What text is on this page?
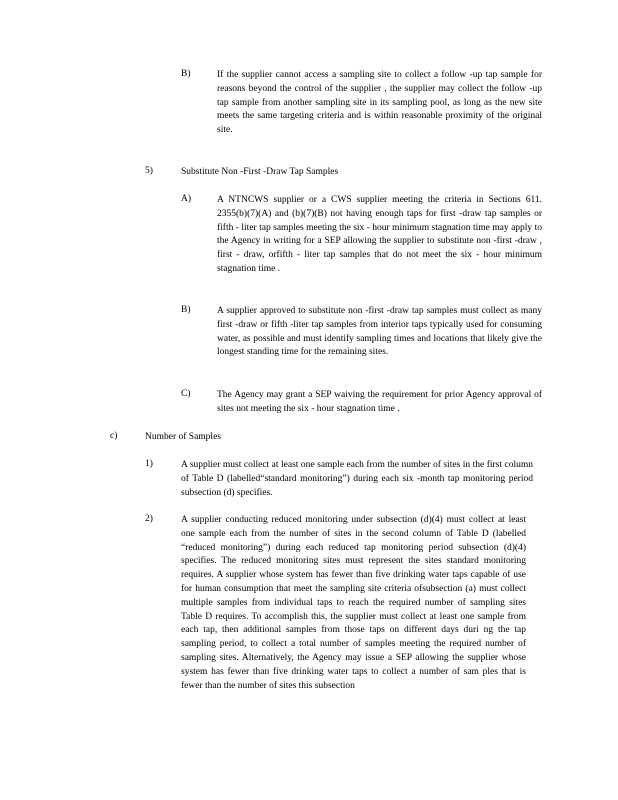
B)	If the supplier cannot access a sampling site to collect a follow -up tap sample for reasons beyond the control of the supplier , the supplier may collect the follow -up tap sample from another sampling site in its sampling pool, as long as the new site meets the same targeting criteria and is within reasonable proximity of the original site.
5)	Substitute Non -First -Draw Tap Samples
A)	A NTNCWS supplier or a CWS supplier meeting the criteria in Sections 611. 2355(b)(7)(A) and (b)(7)(B) not having enough taps for first -draw tap samples or fifth - liter tap samples meeting the six - hour minimum stagnation time may apply to the Agency in writing for a SEP allowing the supplier to substitute non -first -draw , first - draw, orfifth - liter tap samples that do not meet the six - hour minimum stagnation time .
B)	A supplier approved to substitute non -first -draw tap samples must collect as many first -draw or fifth -liter tap samples from interior taps typically used for consuming water, as possible and must identify sampling times and locations that likely give the longest standing time for the remaining sites.
C)	The Agency may grant a SEP waiving the requirement for prior Agency approval of sites not meeting the six - hour stagnation time .
c)	Number of Samples
1)	A supplier must collect at least one sample each from the number of sites in the first column of Table D (labelled“standard monitoring”) during each six -month tap monitoring period subsection (d) specifies.
2)	A supplier conducting reduced monitoring under subsection (d)(4) must collect at least one sample each from the number of sites in the second column of Table D (labelled “reduced monitoring”) during each reduced tap monitoring period subsection (d)(4) specifies. The reduced monitoring sites must represent the sites standard monitoring requires. A supplier whose system has fewer than five drinking water taps capable of use for human consumption that meet the sampling site criteria ofsubsection (a) must collect multiple samples from individual taps to reach the required number of sampling sites Table D requires. To accomplish this, the supplier must collect at least one sample from each tap, then additional samples from those taps on different days duri ng the tap sampling period, to collect a total number of samples meeting the required number of sampling sites. Alternatively, the Agency may issue a SEP allowing the supplier whose system has fewer than five drinking water taps to collect a number of sam ples that is fewer than the number of sites this subsection
